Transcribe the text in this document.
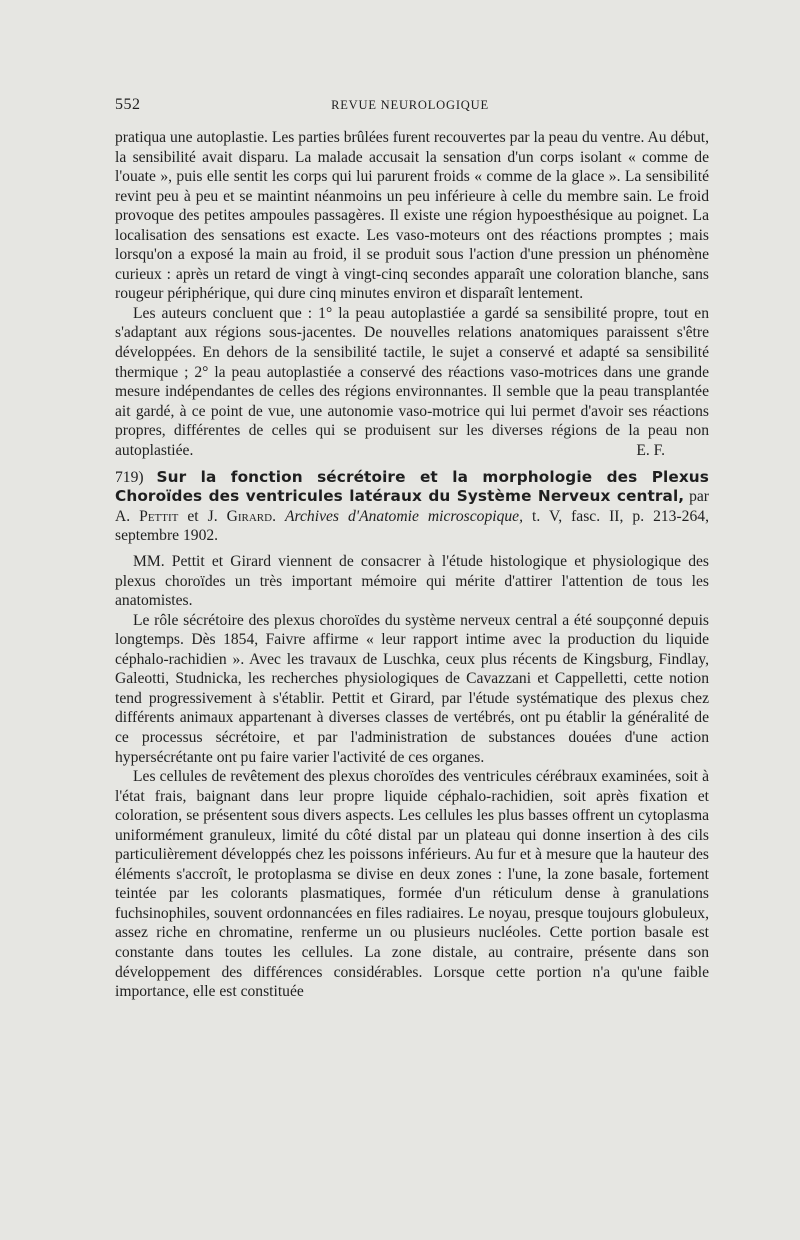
552	REVUE NEUROLOGIQUE

pratiqua une autoplastie. Les parties brûlées furent recouvertes par la peau du ventre. Au début, la sensibilité avait disparu. La malade accusait la sensation d'un corps isolant « comme de l'ouate », puis elle sentit les corps qui lui parurent froids « comme de la glace ». La sensibilité revint peu à peu et se maintint néanmoins un peu inférieure à celle du membre sain. Le froid provoque des petites ampoules passagères. Il existe une région hypoesthésique au poignet. La localisation des sensations est exacte. Les vaso-moteurs ont des réactions promptes ; mais lorsqu'on a exposé la main au froid, il se produit sous l'action d'une pression un phénomène curieux : après un retard de vingt à vingt-cinq secondes apparaît une coloration blanche, sans rougeur périphérique, qui dure cinq minutes environ et disparaît lentement.

Les auteurs concluent que : 1° la peau autoplastiée a gardé sa sensibilité propre, tout en s'adaptant aux régions sous-jacentes. De nouvelles relations anatomiques paraissent s'être développées. En dehors de la sensibilité tactile, le sujet a conservé et adapté sa sensibilité thermique ; 2° la peau autoplastiée a conservé des réactions vaso-motrices dans une grande mesure indépendantes de celles des régions environnantes. Il semble que la peau transplantée ait gardé, à ce point de vue, une autonomie vaso-motrice qui lui permet d'avoir ses réactions propres, différentes de celles qui se produisent sur les diverses régions de la peau non autoplastiée.	E. F.

719) Sur la fonction sécrétoire et la morphologie des Plexus Choroïdes des ventricules latéraux du Système Nerveux central, par A. Pettit et J. Girard. Archives d'Anatomie microscopique, t. V, fasc. II, p. 213-264, septembre 1902.

MM. Pettit et Girard viennent de consacrer à l'étude histologique et physiologique des plexus choroïdes un très important mémoire qui mérite d'attirer l'attention de tous les anatomistes.

Le rôle sécrétoire des plexus choroïdes du système nerveux central a été soupçonné depuis longtemps. Dès 1854, Faivre affirme « leur rapport intime avec la production du liquide céphalo-rachidien ». Avec les travaux de Luschka, ceux plus récents de Kingsburg, Findlay, Galeotti, Studnicka, les recherches physiologiques de Cavazzani et Cappelletti, cette notion tend progressivement à s'établir. Pettit et Girard, par l'étude systématique des plexus chez différents animaux appartenant à diverses classes de vertébrés, ont pu établir la généralité de ce processus sécrétoire, et par l'administration de substances douées d'une action hypersécrétante ont pu faire varier l'activité de ces organes.

Les cellules de revêtement des plexus choroïdes des ventricules cérébraux examinées, soit à l'état frais, baignant dans leur propre liquide céphalo-rachidien, soit après fixation et coloration, se présentent sous divers aspects. Les cellules les plus basses offrent un cytoplasma uniformément granuleux, limité du côté distal par un plateau qui donne insertion à des cils particulièrement développés chez les poissons inférieurs. Au fur et à mesure que la hauteur des éléments s'accroît, le protoplasma se divise en deux zones : l'une, la zone basale, fortement teintée par les colorants plasmatiques, formée d'un réticulum dense à granulations fuchsinophiles, souvent ordonnancées en files radiaires. Le noyau, presque toujours globuleux, assez riche en chromatine, renferme un ou plusieurs nucléoles. Cette portion basale est constante dans toutes les cellules. La zone distale, au contraire, présente dans son développement des différences considérables. Lorsque cette portion n'a qu'une faible importance, elle est constituée
